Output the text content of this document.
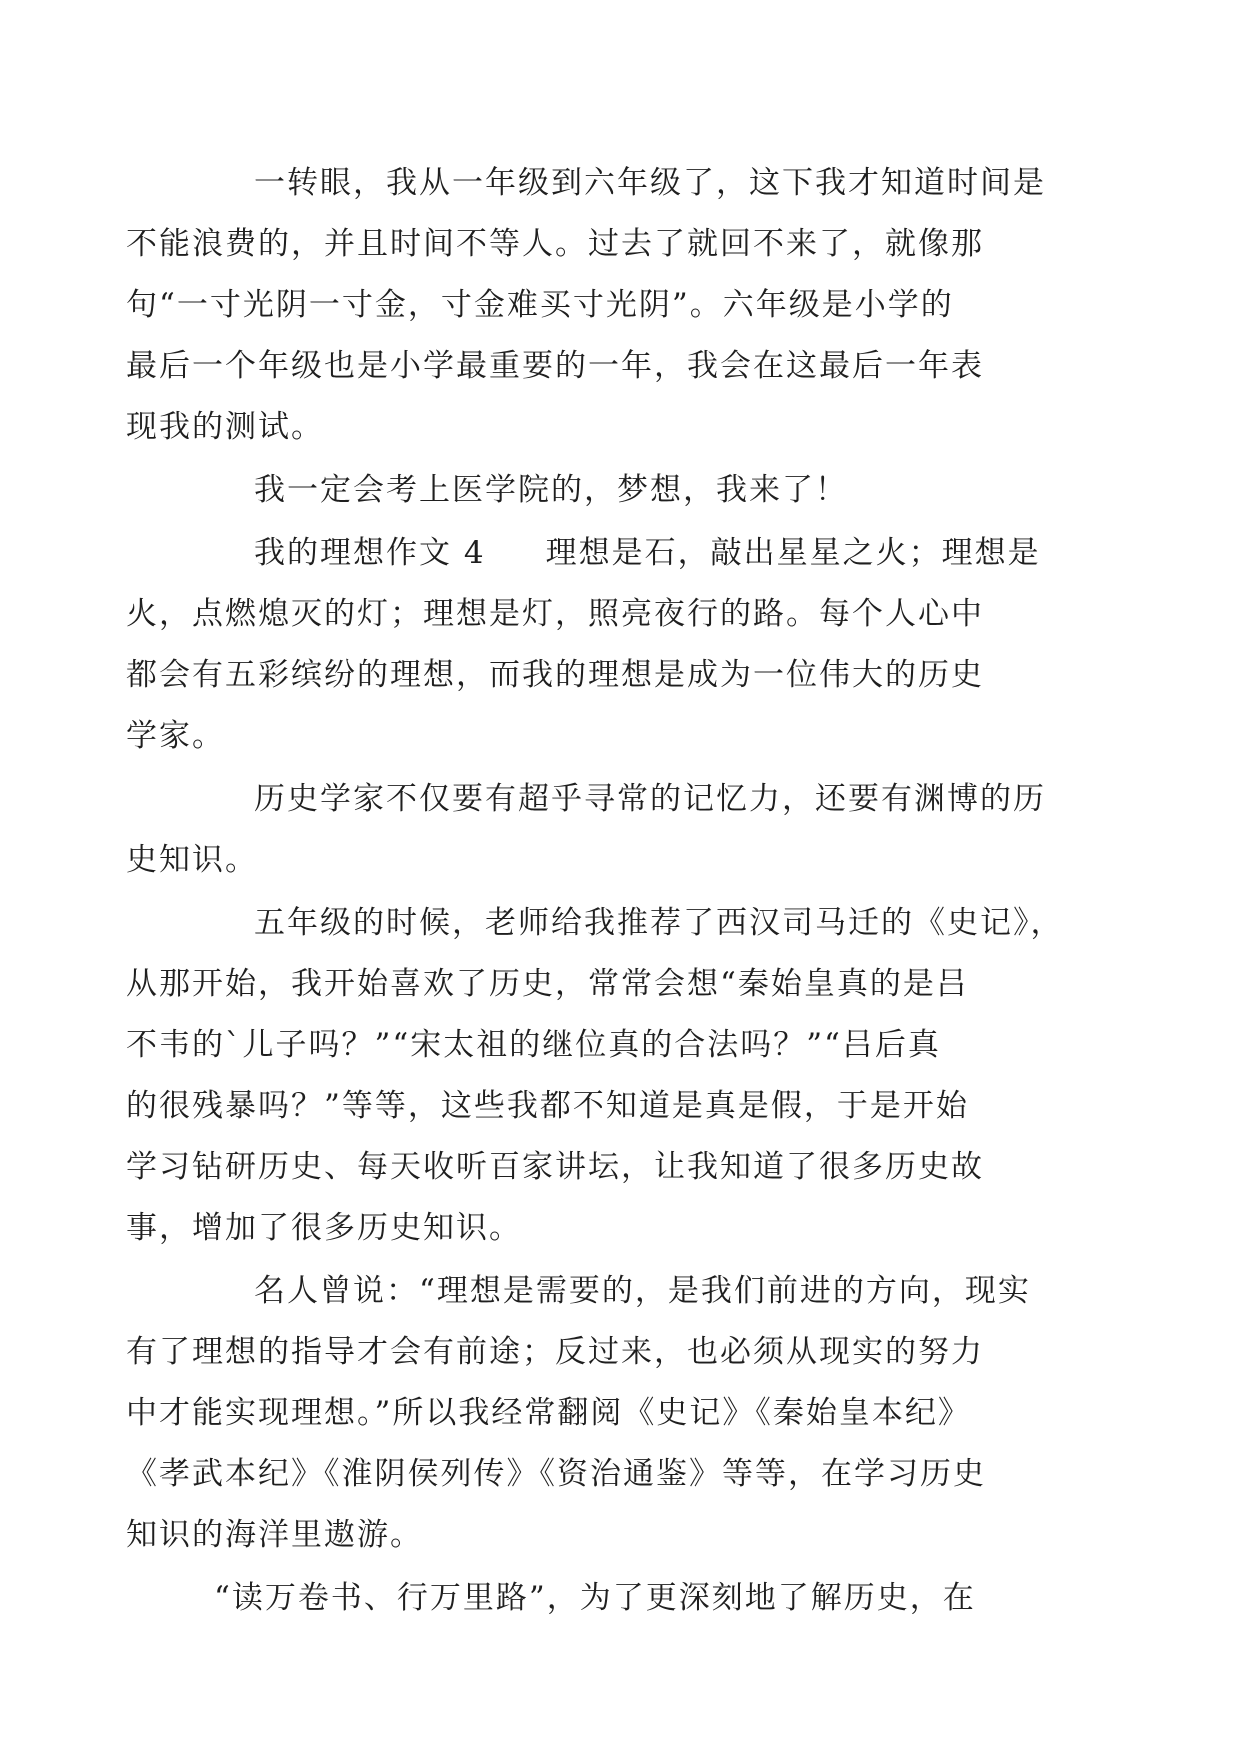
一转眼，我从一年级到六年级了，这下我才知道时间是
不能浪费的，并且时间不等人。过去了就回不来了，就像那
句“一寸光阴一寸金，寸金难买寸光阴”。六年级是小学的
最后一个年级也是小学最重要的一年，我会在这最后一年表
现我的测试。

我一定会考上医学院的，梦想，我来了！

我的理想作文 4 理想是石，敲出星星之火；理想是
火，点燃熄灭的灯；理想是灯，照亮夜行的路。每个人心中
都会有五彩缤纷的理想，而我的理想是成为一位伟大的历史
学家。

历史学家不仅要有超乎寻常的记忆力，还要有渊博的历
史知识。

五年级的时候，老师给我推荐了西汉司马迁的《史记》，
从那开始，我开始喜欢了历史，常常会想“秦始皇真的是吕
不韦的`儿子吗？”“宋太祖的继位真的合法吗？”“吕后真
的很残暴吗？”等等，这些我都不知道是真是假，于是开始
学习钻研历史、每天收听百家讲坛，让我知道了很多历史故
事，增加了很多历史知识。

名人曾说：“理想是需要的，是我们前进的方向，现实
有了理想的指导才会有前途；反过来，也必须从现实的努力
中才能实现理想。”所以我经常翻阅《史记》《秦始皇本纪》
《孝武本纪》《淮阴侯列传》《资治通鉴》等等，在学习历史
知识的海洋里遨游。

“读万卷书、行万里路”，为了更深刻地了解历史，在
